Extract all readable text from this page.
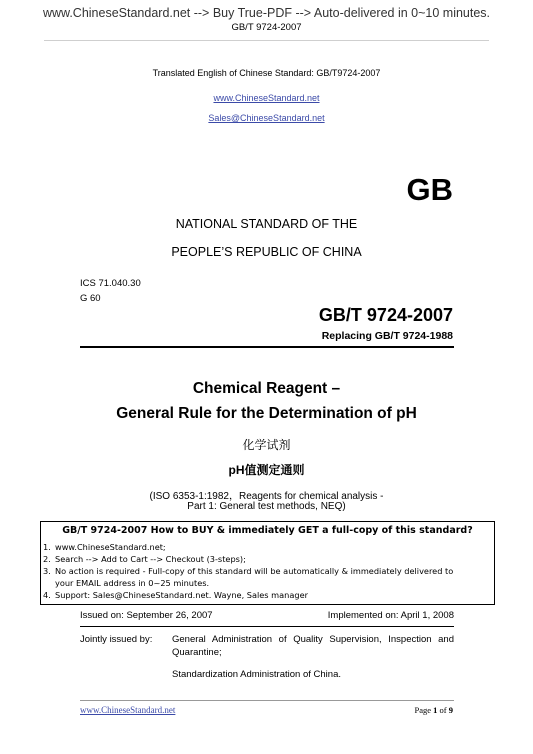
www.ChineseStandard.net --> Buy True-PDF --> Auto-delivered in 0~10 minutes.
GB/T 9724-2007
Translated English of Chinese Standard: GB/T9724-2007
www.ChineseStandard.net
Sales@ChineseStandard.net
GB
NATIONAL STANDARD OF THE
PEOPLE’S REPUBLIC OF CHINA
ICS 71.040.30
G 60
GB/T 9724-2007
Replacing GB/T 9724-1988
Chemical Reagent –
General Rule for the Determination of pH
化学试剂
pH值测定通则
(ISO 6353-1:1982，Reagents for chemical analysis -
Part 1: General test methods, NEQ)
GB/T 9724-2007 How to BUY & immediately GET a full-copy of this standard?
1. www.ChineseStandard.net;
2. Search --> Add to Cart --> Checkout (3-steps);
3. No action is required - Full-copy of this standard will be automatically & immediately delivered to
your EMAIL address in 0~25 minutes.
4. Support: Sales@ChineseStandard.net. Wayne, Sales manager
Issued on: September 26, 2007	Implemented on: April 1, 2008
Jointly issued by: General Administration of Quality Supervision, Inspection and
Quarantine;
Standardization Administration of China.
www.ChineseStandard.net	Page 1 of 9
